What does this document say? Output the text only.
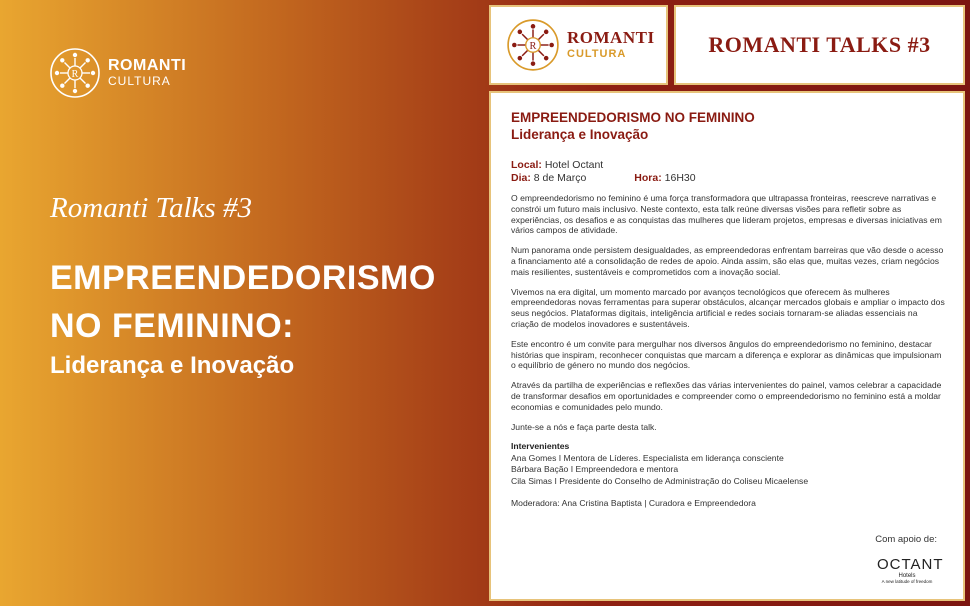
R
ROMANTI
CULTURA
Romanti Talks #3
EMPREENDEDORISMO
NO FEMININO:
Liderança e Inovação
R ROMANTI
CULTURA	ROMANTI TALKS #3
EMPREENDEDORISMO NO FEMININO
Liderança e Inovação
Local:
Hotel Octant
Dia:
8 de Março	Hora:
16H30

O empreendedorismo no feminino é uma força transformadora que ultrapassa fronteiras, reescreve narrativas e constrói um futuro mais inclusivo. Neste contexto, esta talk reúne diversas visões para refletir sobre as experiências, os desafios e as conquistas das mulheres que lideram projetos, empresas e diversas iniciativas em vários campos de atividade.

Num panorama onde persistem desigualdades, as empreendedoras enfrentam barreiras que vão desde o acesso a financiamento até a consolidação de redes de apoio. Ainda assim, são elas que, muitas vezes, criam negócios mais resilientes, sustentáveis e comprometidos com a inovação social.

Vivemos na era digital, um momento marcado por avanços tecnológicos que oferecem às mulheres empreendedoras novas ferramentas para superar obstáculos, alcançar mercados globais e ampliar o impacto dos seus negócios. Plataformas digitais, inteligência artificial e redes sociais tornaram-se aliadas essenciais na criação de modelos inovadores e sustentáveis.

Este encontro é um convite para mergulhar nos diversos ângulos do empreendedorismo no feminino, destacar histórias que inspiram, reconhecer conquistas que marcam a diferença e explorar as dinâmicas que impulsionam o equilíbrio de género no mundo dos negócios.

Através da partilha de experiências e reflexões das várias intervenientes do painel, vamos celebrar a capacidade de transformar desafios em oportunidades e compreender como o empreendedorismo no feminino está a moldar economias e comunidades pelo mundo.

Junte-se a nós e faça parte desta talk.

Intervenientes
Ana Gomes I Mentora de Líderes. Especialista em liderança consciente
Bárbara Bação I Empreendedora e mentora
Cila Simas I Presidente do Conselho de Administração do Coliseu Micaelense
Moderadora: Ana Cristina Baptista | Curadora e Empreendedora
Com apoio de:
OCTANT
Hotels
A new latitude of freedom
